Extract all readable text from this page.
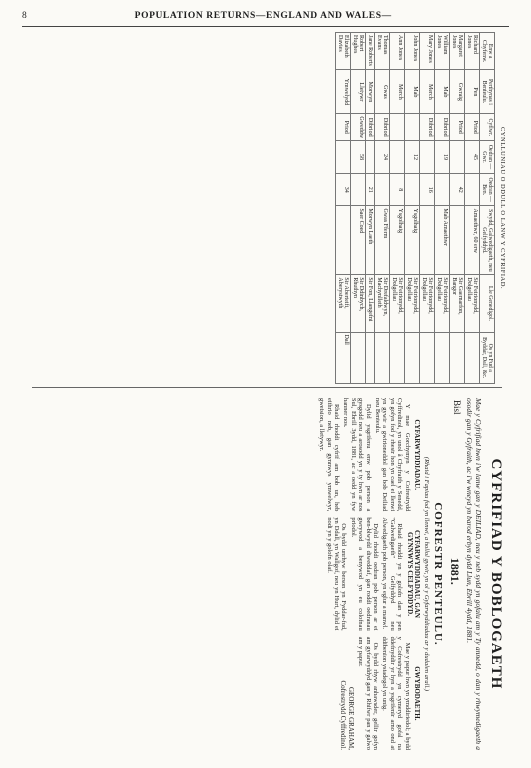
8	POPULATION RETURNS—ENGLAND AND WALES—
CYFRIFIAD Y BOBLOGAETH
Mae y Cyfrifiad hwn i'w lanw gan y DEILIAD, neu y neb sydd yn gofalu am y Ty annedd, o dan y rhwymedigaeth a osodir gan y Gyfraith, ac i'w wneyd yn barod erbyn dydd Llun, Ebrill 4ydd, 1881.
Bisl
1881.
COFRESTR PENTEULU.
(Rhaid i Fapiau fod yn llenwi, a hollol gywir, yn ol y Gyfarwyddiadau ar y dudalen arall.)
CYFARWYDDIADAU.

Y mae Gorchymyn y Cofrestrydd Cyffredinol, yn unol â Chyfraith y Senedd, yn gofyn fod y rhestr hon yn cael ei llenwi yn gywir a gwirioneddol gan bob Deiliad neu Benteulu.

Dylid ysgrifenu enw pob person a gysgodd neu a arosodd yn y ty hwn ar nos Sul, Ebrill 3ydd, 1881, ac a oedd yn fyw hanner nos.

Rhaid rhoddi cyfrif am bob un, heb eithrio neb, gan gynnwys ymwelwyr, gweision, a lletywyr.

CYFARWYDDIADAU, GAN GYNNWYS CELFYDDYD.

Rhaid rhoddi yn y golofn dan y pen "Galwedigaeth" Gelfyddyd neu Alwedigaeth pob person, yn eglur a manwl.

Dylid rhoddi oedran pob person ar ei ben-blwydd diweddaf, gan roddi oedranau gwrywod a benywod yn eu colofnau priodol.

Os bydd unrhyw berson yn Fyddar-fud, yn Ddall, yn Wallgof, neu yn Hurt, dylid ei nodi yn y golofn olaf.

GWYBODAETH.

Mae y papur hwn yn ymddiriedol; a bydd y Cofrestrydd yn cymeryd gofal na ddefnyddir yr hyn a ysgrifenir arno ond at ddibenion ystadegol yn unig.

Os bydd rhyw anhawsder, gellir gofyn am gyfarwyddyd gan y Rhifwr pan y galwo am y papur.

GEORGE GRAHAM,
Cofrestrydd Cyffredinol.
CYNLLUNIAU O DDULL O LANW Y CYFRIFIAD.
Enw a Chyfenw.	Perthynas i Benteulu.	Cyflwr.	Oedran — Gwr.	Oedran — Ben.	Swydd, Galwedigaeth, neu Gelfyddyd.	Lle Genedigol.	Os yn Fud a Byddar, Dall, &c.
Richard Jones	Pen	Priod	45		Amaethwr, 60 erw	Sir Feirionydd, Dolgellau	
Margaret Jones	Gwraig	Priod		42		Sir Gaernarfon, Bangor	
William Jones	Mab	Dibriod	19		Mab Amaethwr	Sir Feirionydd, Dolgellau	
Mary Jones	Merch	Dibriod		16		Sir Feirionydd, Dolgellau	
John Jones	Mab		12		Ysgolhaig	Sir Feirionydd, Dolgellau	
Ann Jones	Merch			8	Ysgolhaig	Sir Feirionydd, Dolgellau	
Thomas Evans	Gwas	Dibriod	24		Gwas Fferm	Sir Drefaldwyn, Machynlleth	
Jane Roberts	Morwyn	Dibriod		21	Morwyn Laeth	Sir Fon, Llangefni	
Robert Hughes	Lletywr	Gweddw	58		Saer Coed	Sir Ddinbych, Rhuthyn	
Elizabeth Davies	Ymwelydd	Priod		34		Sir Aberteifi, Aberystwyth	Dall
